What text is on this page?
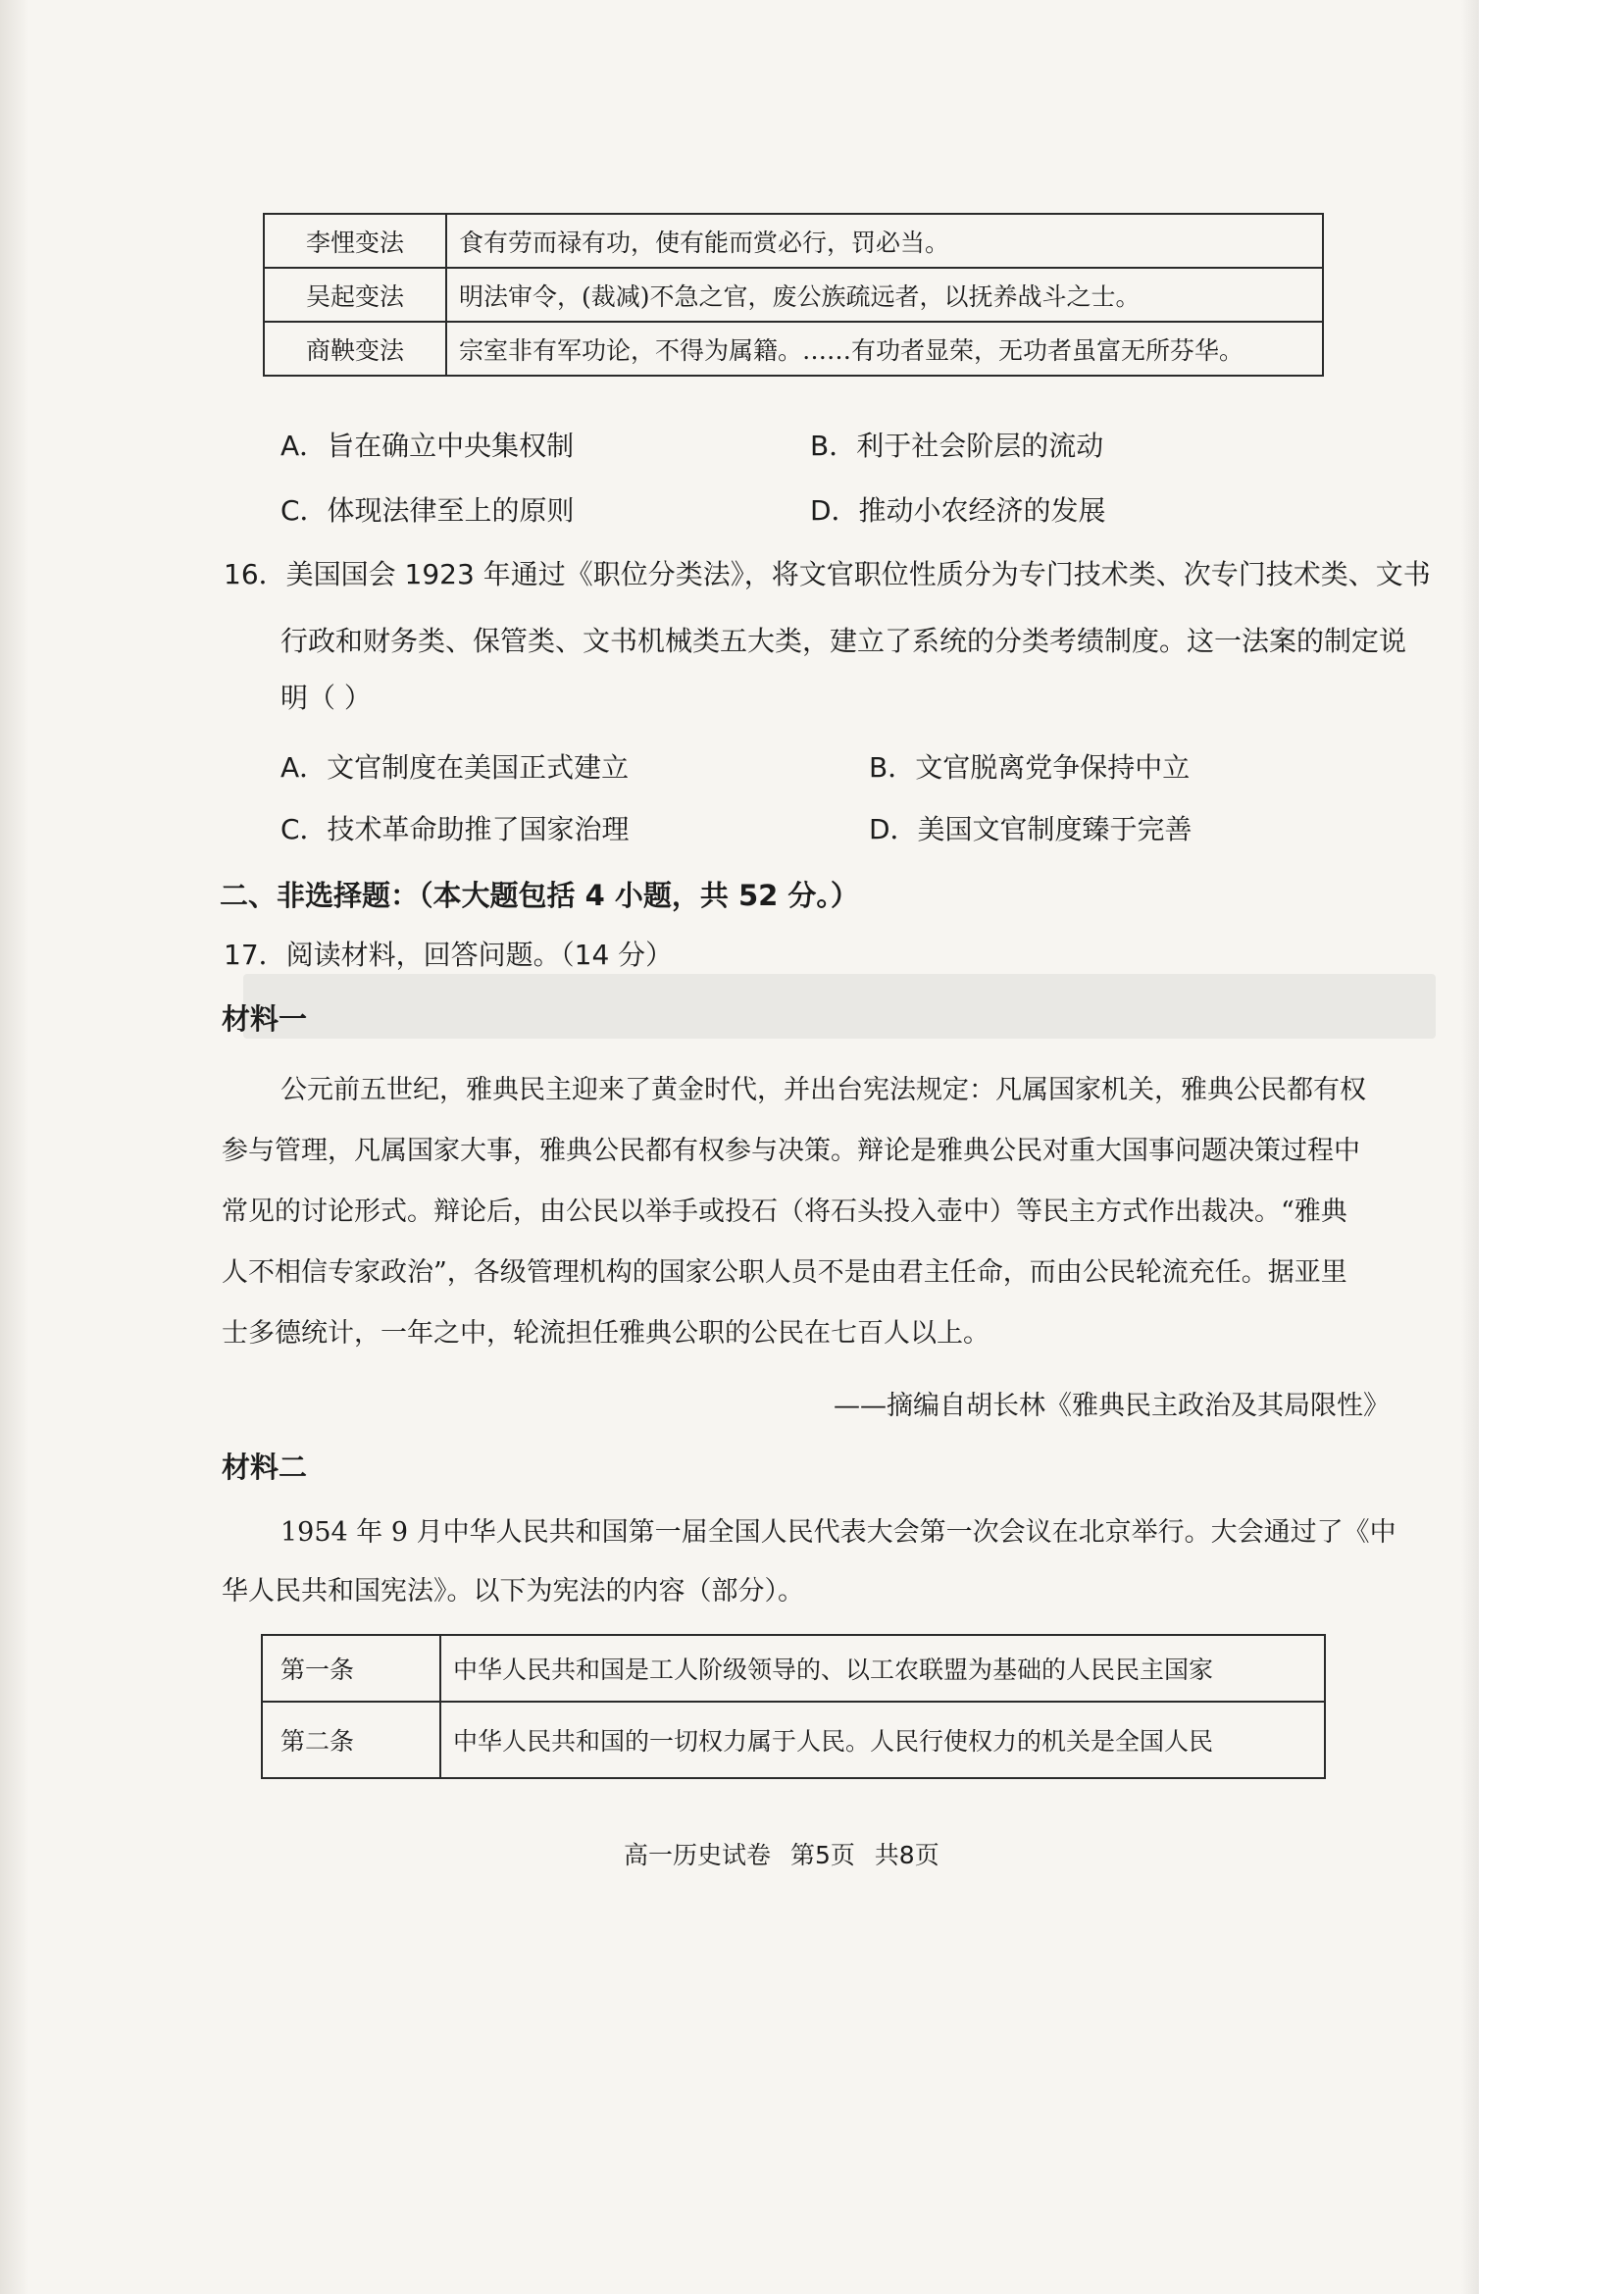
李悝变法	食有劳而禄有功，使有能而赏必行，罚必当。
吴起变法	明法审令，(裁减)不急之官，废公族疏远者，以抚养战斗之士。
商鞅变法	宗室非有军功论，不得为属籍。……有功者显荣，无功者虽富无所芬华。
A．旨在确立中央集权制	B．利于社会阶层的流动
C．体现法律至上的原则	D．推动小农经济的发展
16．美国国会 1923 年通过《职位分类法》，将文官职位性质分为专门技术类、次专门技术类、文书
行政和财务类、保管类、文书机械类五大类，建立了系统的分类考绩制度。这一法案的制定说
明（ ）
A．文官制度在美国正式建立	B．文官脱离党争保持中立
C．技术革命助推了国家治理	D．美国文官制度臻于完善
二、非选择题：（本大题包括 4 小题，共 52 分。）
17．阅读材料，回答问题。（14 分）
材料一
公元前五世纪，雅典民主迎来了黄金时代，并出台宪法规定：凡属国家机关，雅典公民都有权
参与管理，凡属国家大事，雅典公民都有权参与决策。辩论是雅典公民对重大国事问题决策过程中
常见的讨论形式。辩论后，由公民以举手或投石（将石头投入壶中）等民主方式作出裁决。“雅典
人不相信专家政治”，各级管理机构的国家公职人员不是由君主任命，而由公民轮流充任。据亚里
士多德统计，一年之中，轮流担任雅典公职的公民在七百人以上。
——摘编自胡长林《雅典民主政治及其局限性》
材料二
1954 年 9 月中华人民共和国第一届全国人民代表大会第一次会议在北京举行。大会通过了《中
华人民共和国宪法》。以下为宪法的内容（部分）。
第一条	中华人民共和国是工人阶级领导的、以工农联盟为基础的人民民主国家
第二条	中华人民共和国的一切权力属于人民。人民行使权力的机关是全国人民
高一历史试卷 第5页 共8页
